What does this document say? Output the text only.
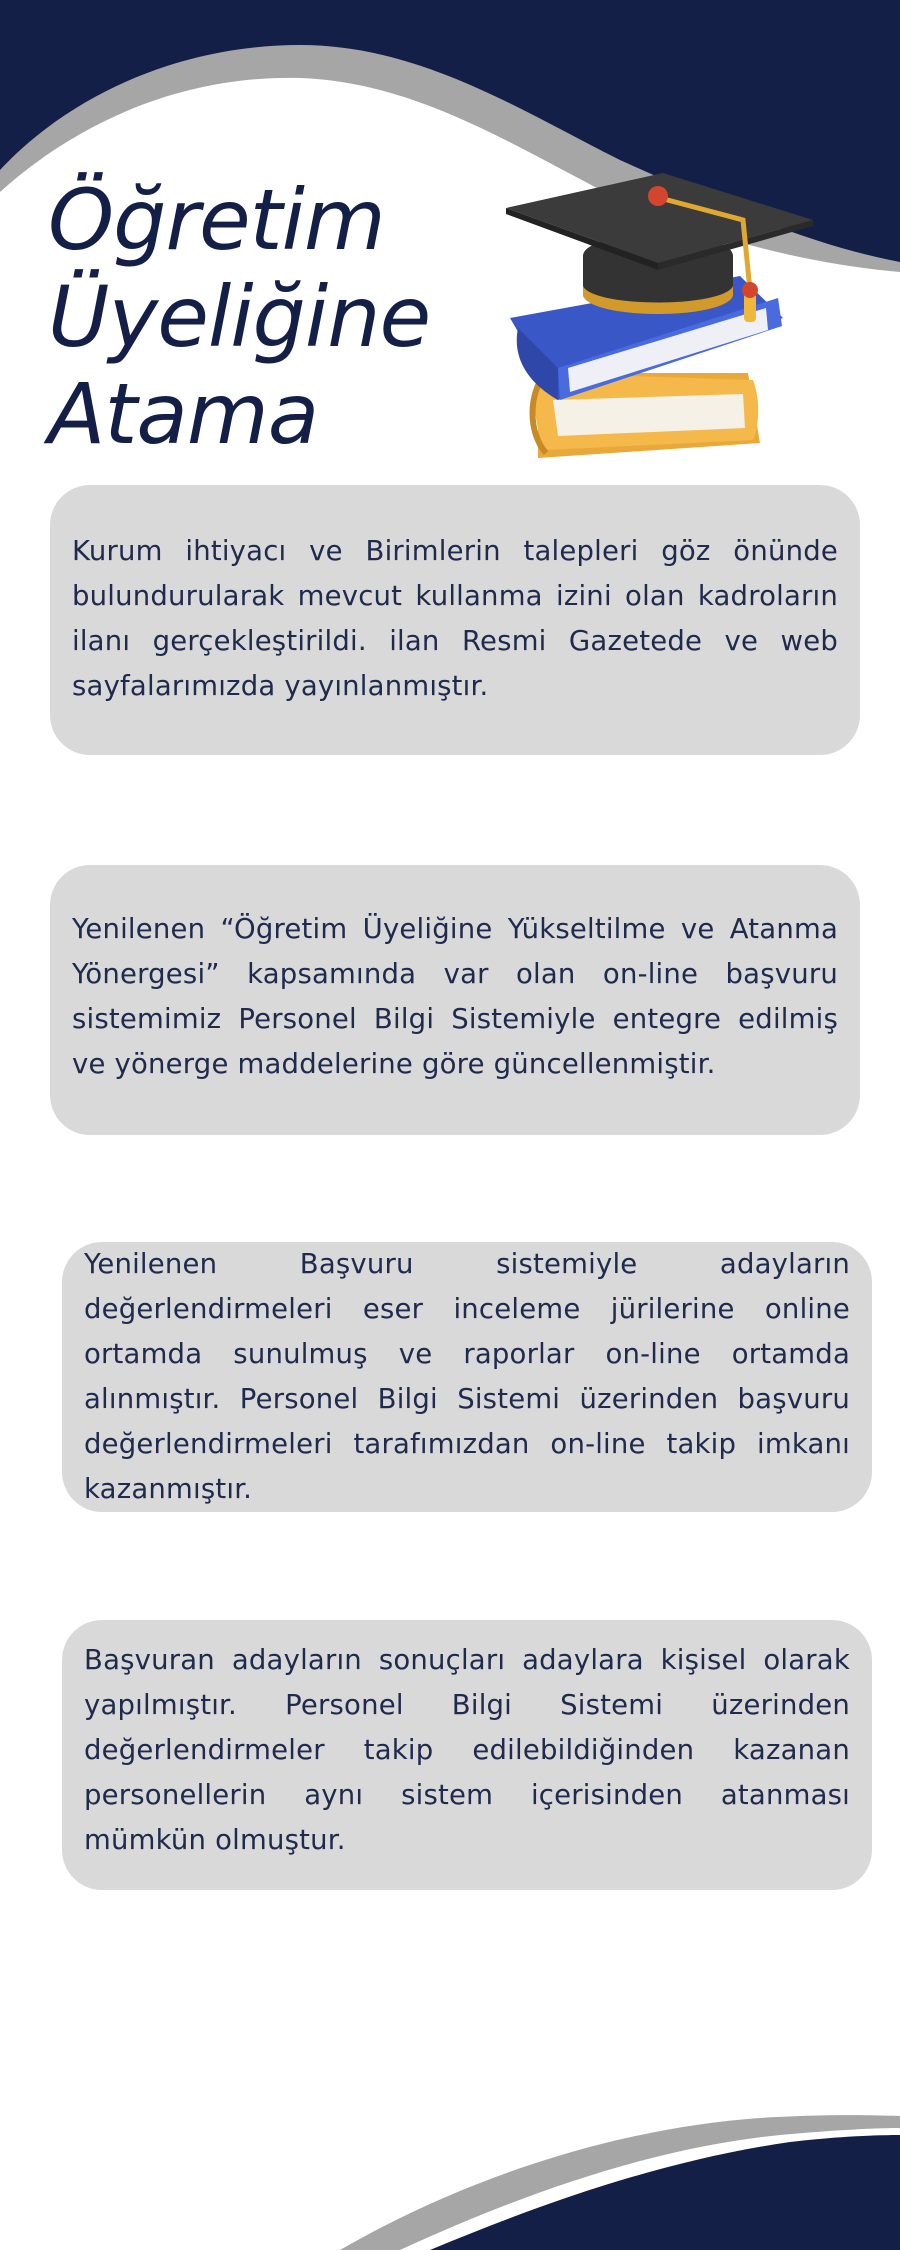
Öğretim
Üyeliğine
Atama

Kurum ihtiyacı ve Birimlerin talepleri göz önünde bulundurularak mevcut kullanma izini olan kadroların ilanı gerçekleştirildi. ilan Resmi Gazetede ve web sayfalarımızda yayınlanmıştır.

Yenilenen “Öğretim Üyeliğine Yükseltilme ve Atanma Yönergesi” kapsamında var olan on-line başvuru sistemimiz Personel Bilgi Sistemiyle entegre edilmiş ve yönerge maddelerine göre güncellenmiştir.

Yenilenen Başvuru sistemiyle adayların değerlendirmeleri eser inceleme jürilerine online ortamda sunulmuş ve raporlar on-line ortamda alınmıştır. Personel Bilgi Sistemi üzerinden başvuru değerlendirmeleri tarafımızdan on-line takip imkanı kazanmıştır.

Başvuran adayların sonuçları adaylara kişisel olarak yapılmıştır. Personel Bilgi Sistemi üzerinden değerlendirmeler takip edilebildiğinden kazanan personellerin aynı sistem içerisinden atanması mümkün olmuştur.
